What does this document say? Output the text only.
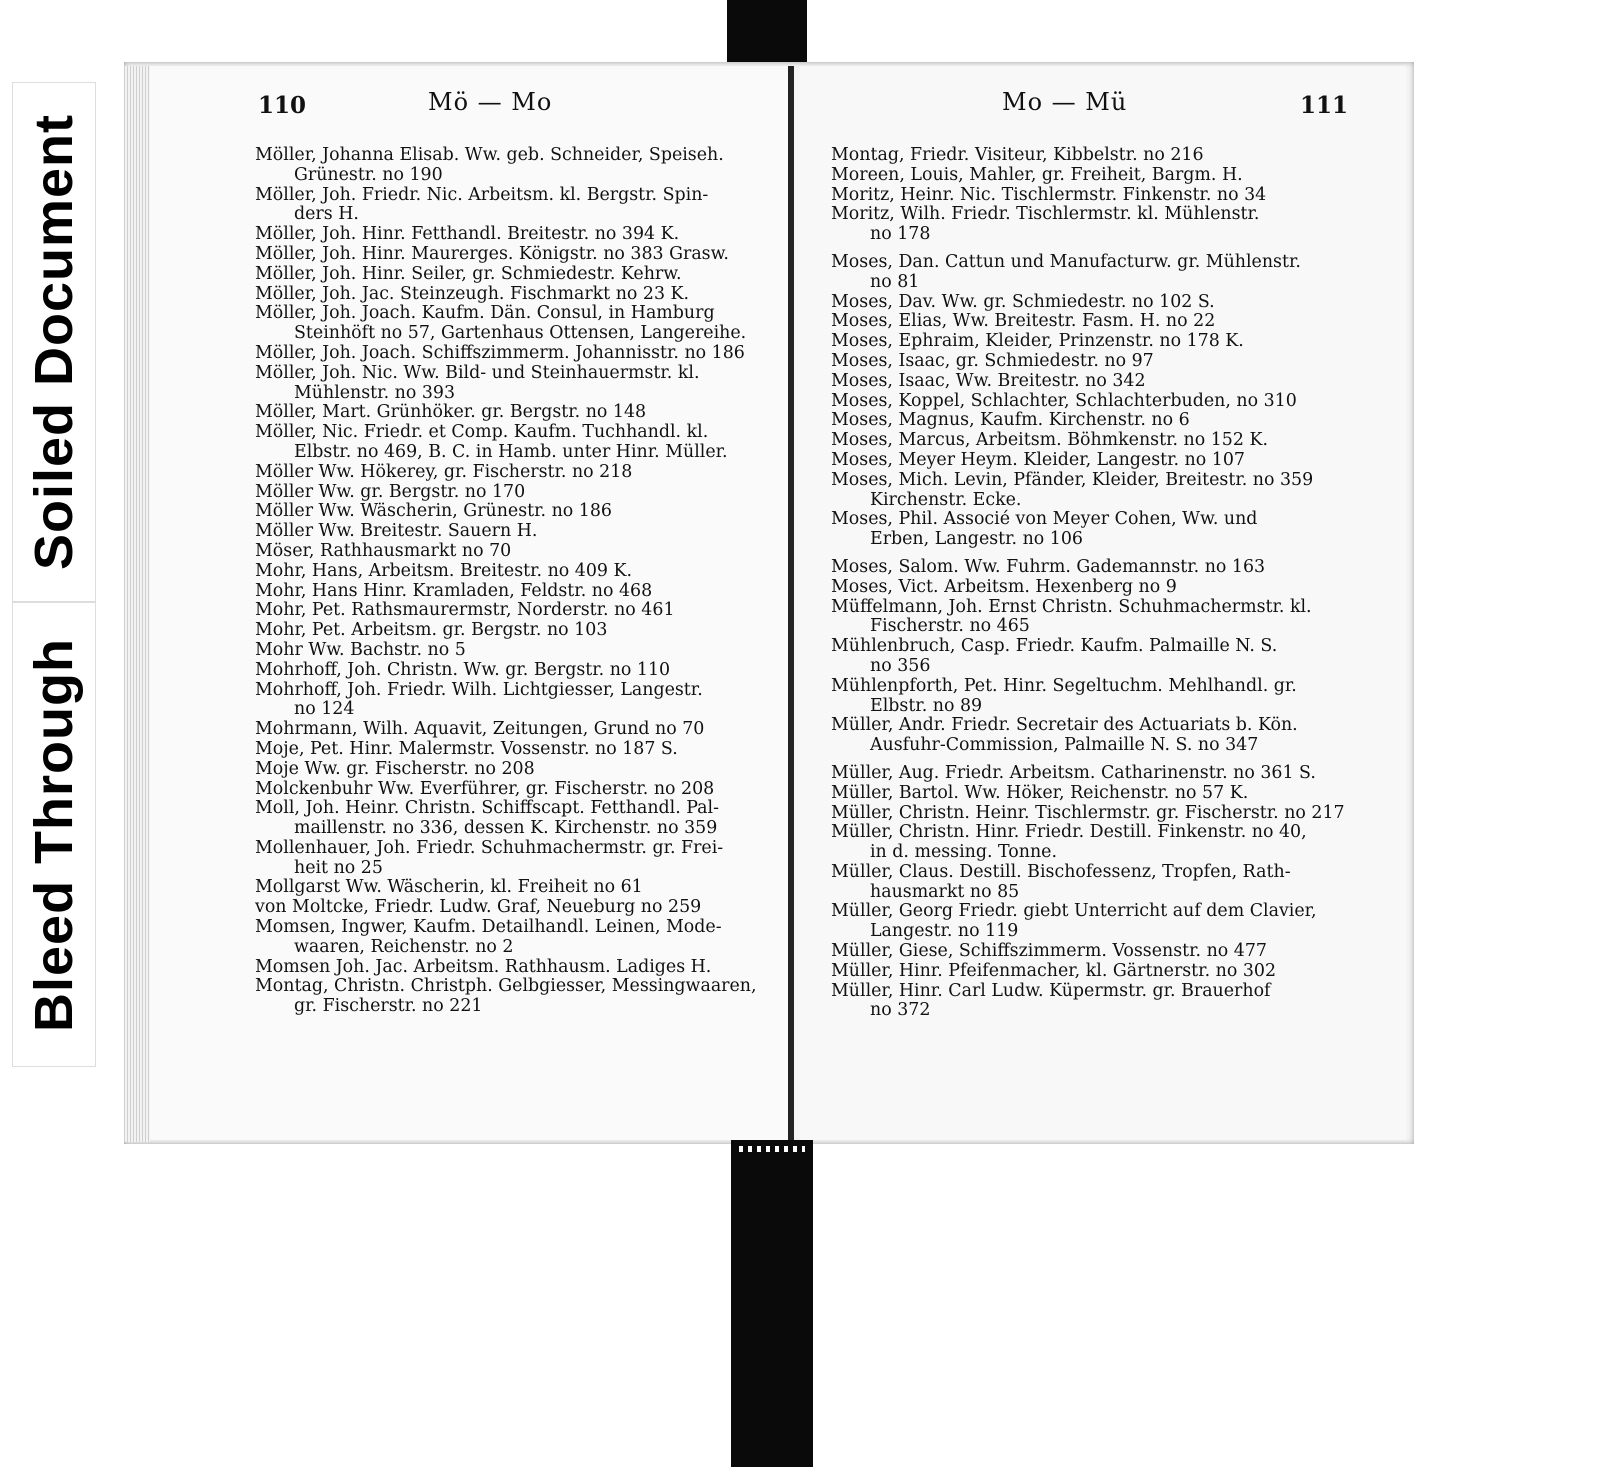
Soiled Document
Bleed Through
110	Mö — Mo	Mo — Mü	111
Möller, Johanna Elisab. Ww. geb. Schneider, Speiseh.
Grünestr. no 190
Möller, Joh. Friedr. Nic. Arbeitsm. kl. Bergstr. Spin-
ders H.
Möller, Joh. Hinr. Fetthandl. Breitestr. no 394 K.
Möller, Joh. Hinr. Maurerges. Königstr. no 383 Grasw.
Möller, Joh. Hinr. Seiler, gr. Schmiedestr. Kehrw.
Möller, Joh. Jac. Steinzeugh. Fischmarkt no 23 K.
Möller, Joh. Joach. Kaufm. Dän. Consul, in Hamburg
Steinhöft no 57, Gartenhaus Ottensen, Langereihe.
Möller, Joh. Joach. Schiffszimmerm. Johannisstr. no 186
Möller, Joh. Nic. Ww. Bild- und Steinhauermstr. kl.
Mühlenstr. no 393
Möller, Mart. Grünhöker. gr. Bergstr. no 148
Möller, Nic. Friedr. et Comp. Kaufm. Tuchhandl. kl.
Elbstr. no 469, B. C. in Hamb. unter Hinr. Müller.
Möller Ww. Hökerey, gr. Fischerstr. no 218
Möller Ww. gr. Bergstr. no 170
Möller Ww. Wäscherin, Grünestr. no 186
Möller Ww. Breitestr. Sauern H.
Möser, Rathhausmarkt no 70
Mohr, Hans, Arbeitsm. Breitestr. no 409 K.
Mohr, Hans Hinr. Kramladen, Feldstr. no 468
Mohr, Pet. Rathsmaurermstr, Norderstr. no 461
Mohr, Pet. Arbeitsm. gr. Bergstr. no 103
Mohr Ww. Bachstr. no 5
Mohrhoff, Joh. Christn. Ww. gr. Bergstr. no 110
Mohrhoff, Joh. Friedr. Wilh. Lichtgiesser, Langestr.
no 124
Mohrmann, Wilh. Aquavit, Zeitungen, Grund no 70
Moje, Pet. Hinr. Malermstr. Vossenstr. no 187 S.
Moje Ww. gr. Fischerstr. no 208
Molckenbuhr Ww. Everführer, gr. Fischerstr. no 208
Moll, Joh. Heinr. Christn. Schiffscapt. Fetthandl. Pal-
maillenstr. no 336, dessen K. Kirchenstr. no 359
Mollenhauer, Joh. Friedr. Schuhmachermstr. gr. Frei-
heit no 25
Mollgarst Ww. Wäscherin, kl. Freiheit no 61
von Moltcke, Friedr. Ludw. Graf, Neueburg no 259
Momsen, Ingwer, Kaufm. Detailhandl. Leinen, Mode-
waaren, Reichenstr. no 2
Momsen Joh. Jac. Arbeitsm. Rathhausm. Ladiges H.
Montag, Christn. Christph. Gelbgiesser, Messingwaaren,
gr. Fischerstr. no 221
Montag, Friedr. Visiteur, Kibbelstr. no 216
Moreen, Louis, Mahler, gr. Freiheit, Bargm. H.
Moritz, Heinr. Nic. Tischlermstr. Finkenstr. no 34
Moritz, Wilh. Friedr. Tischlermstr. kl. Mühlenstr.
no 178
Moses, Dan. Cattun und Manufacturw. gr. Mühlenstr.
no 81
Moses, Dav. Ww. gr. Schmiedestr. no 102 S.
Moses, Elias, Ww. Breitestr. Fasm. H. no 22
Moses, Ephraim, Kleider, Prinzenstr. no 178 K.
Moses, Isaac, gr. Schmiedestr. no 97
Moses, Isaac, Ww. Breitestr. no 342
Moses, Koppel, Schlachter, Schlachterbuden, no 310
Moses, Magnus, Kaufm. Kirchenstr. no 6
Moses, Marcus, Arbeitsm. Böhmkenstr. no 152 K.
Moses, Meyer Heym. Kleider, Langestr. no 107
Moses, Mich. Levin, Pfänder, Kleider, Breitestr. no 359
Kirchenstr. Ecke.
Moses, Phil. Associé von Meyer Cohen, Ww. und
Erben, Langestr. no 106
Moses, Salom. Ww. Fuhrm. Gademannstr. no 163
Moses, Vict. Arbeitsm. Hexenberg no 9
Müffelmann, Joh. Ernst Christn. Schuhmachermstr. kl.
Fischerstr. no 465
Mühlenbruch, Casp. Friedr. Kaufm. Palmaille N. S.
no 356
Mühlenpforth, Pet. Hinr. Segeltuchm. Mehlhandl. gr.
Elbstr. no 89
Müller, Andr. Friedr. Secretair des Actuariats b. Kön.
Ausfuhr-Commission, Palmaille N. S. no 347
Müller, Aug. Friedr. Arbeitsm. Catharinenstr. no 361 S.
Müller, Bartol. Ww. Höker, Reichenstr. no 57 K.
Müller, Christn. Heinr. Tischlermstr. gr. Fischerstr. no 217
Müller, Christn. Hinr. Friedr. Destill. Finkenstr. no 40,
in d. messing. Tonne.
Müller, Claus. Destill. Bischofessenz, Tropfen, Rath-
hausmarkt no 85
Müller, Georg Friedr. giebt Unterricht auf dem Clavier,
Langestr. no 119
Müller, Giese, Schiffszimmerm. Vossenstr. no 477
Müller, Hinr. Pfeifenmacher, kl. Gärtnerstr. no 302
Müller, Hinr. Carl Ludw. Küpermstr. gr. Brauerhof
no 372
